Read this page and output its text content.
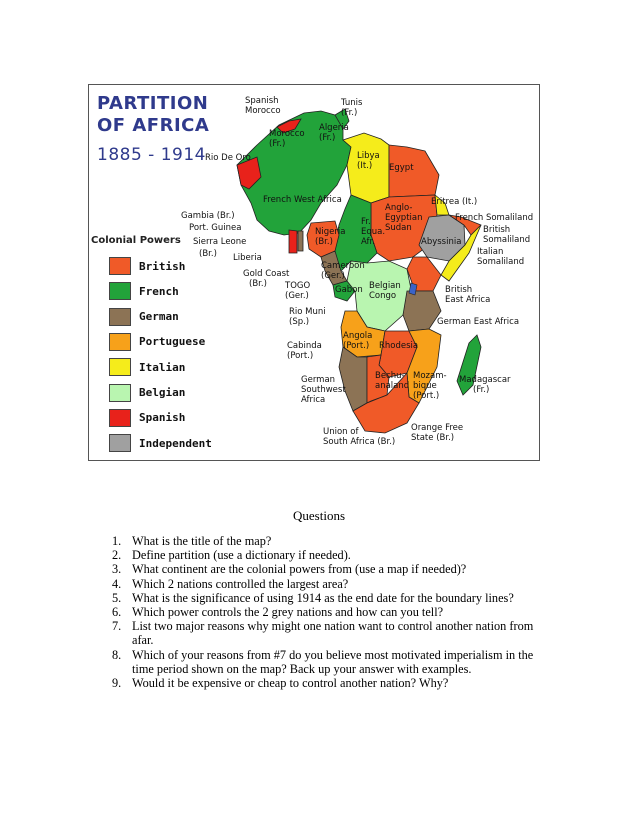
PARTITION
OF AFRICA
1885 - 1914
Colonial Powers
British
French
German
Portuguese
Italian
Belgian
Spanish
Independent
Spanish
Morocco
Tunis
(Fr.)
Algeria
(Fr.)
Morocco
(Fr.)
Rio De Oro	Libya
(It.)	Egypt
French West Africa	Eritrea (It.)
Anglo-
Egyptian
Sudan
French Somaliland
British
Somaliland
Italian
Somaliland
Abyssinia
Gambia (Br.)
Port. Guinea
Sierra Leone
(Br.) Liberia
Nigeria
(Br.)
Fr.
Equa.
Afr.
Gold Coast
(Br.)	TOGO
(Ger.)
Cameroon
(Ger.)
Gabon Belgian
Congo
British
East Africa
German East Africa
Rio Muni
(Sp.)
Cabinda
(Port.)
Angola
(Port.)	Rhodesia
German
Southwest
Africa
Bechu-
analand
Mozam-
bique
(Port.)
Madagascar
(Fr.)
Union of
South Africa (Br.)
Orange Free
State (Br.)
Questions
1. What is the title of the map?
2. Define partition (use a dictionary if needed).
3. What continent are the colonial powers from (use a map if needed)?
4. Which 2 nations controlled the largest area?
5. What is the significance of using 1914 as the end date for the boundary lines?
6. Which power controls the 2 grey nations and how can you tell?
7. List two major reasons why might one nation want to control another nation from afar.
8. Which of your reasons from #7 do you believe most motivated imperialism in the time period shown on the map? Back up your answer with examples.
9. Would it be expensive or cheap to control another nation? Why?
